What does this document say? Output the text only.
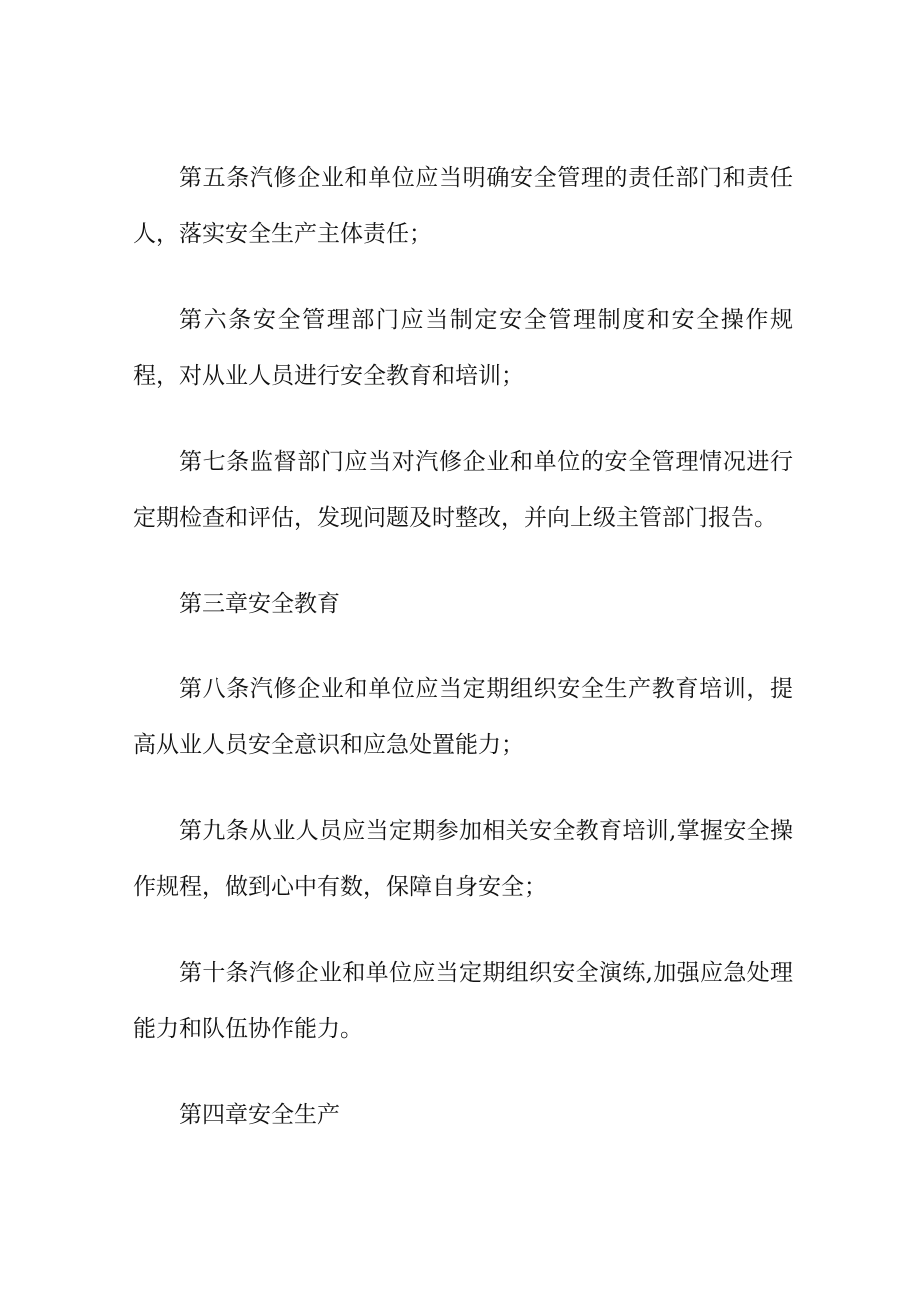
第五条汽修企业和单位应当明确安全管理的责任部门和责任人，落实安全生产主体责任；

第六条安全管理部门应当制定安全管理制度和安全操作规程，对从业人员进行安全教育和培训；

第七条监督部门应当对汽修企业和单位的安全管理情况进行定期检查和评估，发现问题及时整改，并向上级主管部门报告。

第三章安全教育

第八条汽修企业和单位应当定期组织安全生产教育培训，提高从业人员安全意识和应急处置能力；

第九条从业人员应当定期参加相关安全教育培训,掌握安全操作规程，做到心中有数，保障自身安全；

第十条汽修企业和单位应当定期组织安全演练,加强应急处理能力和队伍协作能力。

第四章安全生产
